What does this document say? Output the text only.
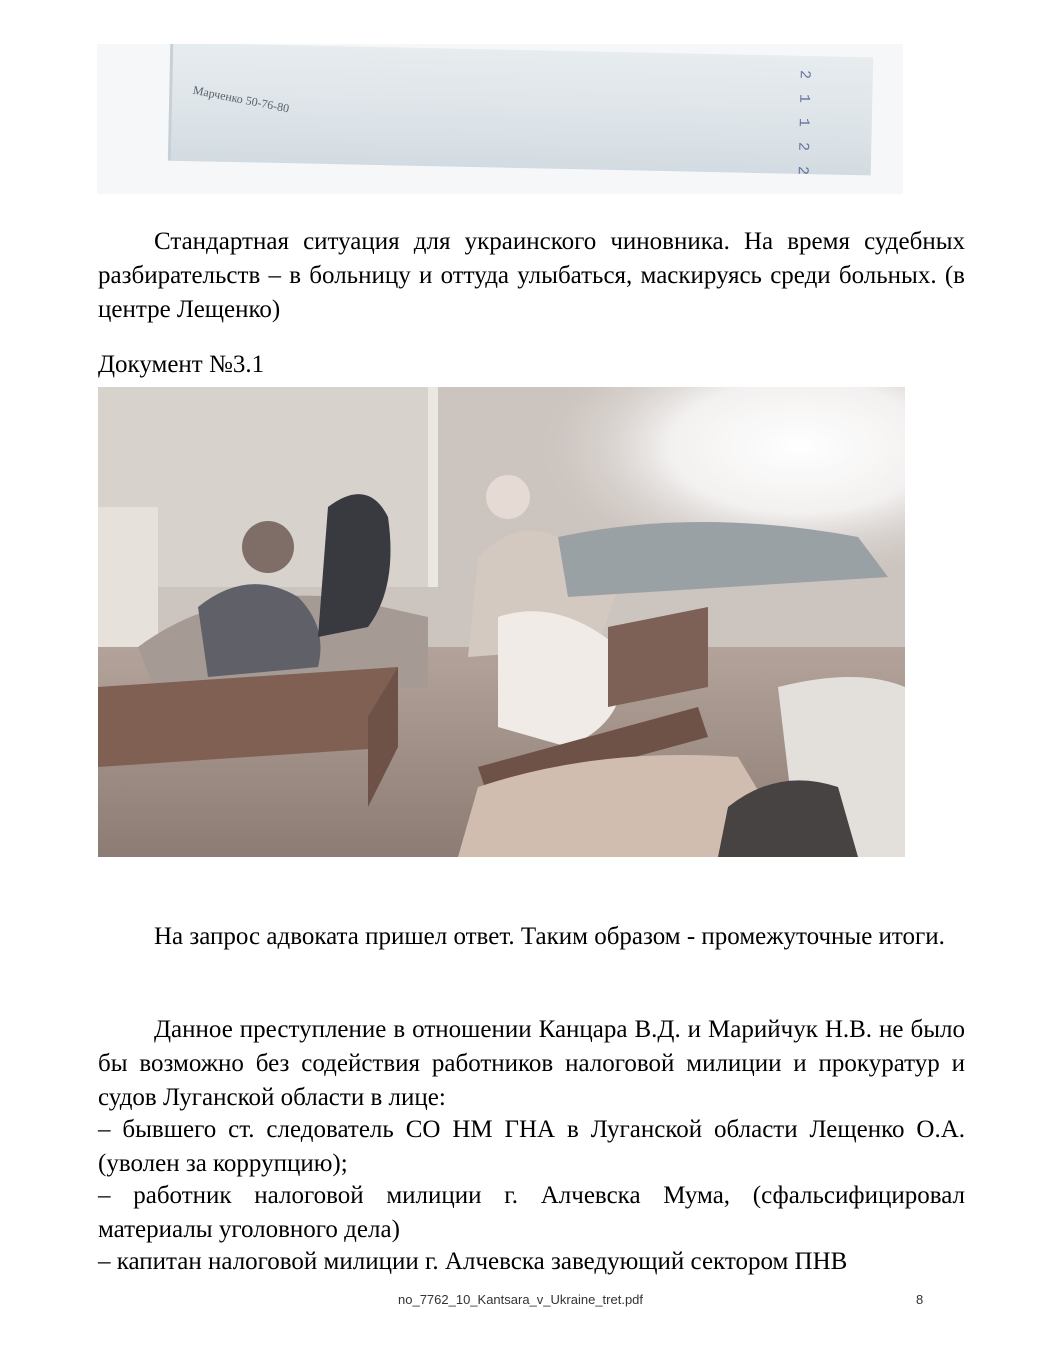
Марченко 50-76-80	2 1 1 2 2

Стандартная ситуация для украинского чиновника. На время судебных разбирательств – в больницу и оттуда улыбаться, маскируясь среди больных. (в центре Лещенко)

Документ №3.1

На запрос адвоката пришел ответ. Таким образом - промежуточные итоги.

Данное преступление в отношении Канцара В.Д. и Марийчук Н.В. не было бы возможно без содействия работников налоговой милиции и прокуратур и судов Луганской области в лице:

– бывшего ст. следователь СО НМ ГНА в Луганской области Лещенко О.А. (уволен за коррупцию);

– работник налоговой милиции г. Алчевска Мума, (сфальсифицировал материалы уголовного дела)

– капитан налоговой милиции г. Алчевска заведующий сектором ПНВ

no_7762_10_Kantsara_v_Ukraine_tret.pdf	8
